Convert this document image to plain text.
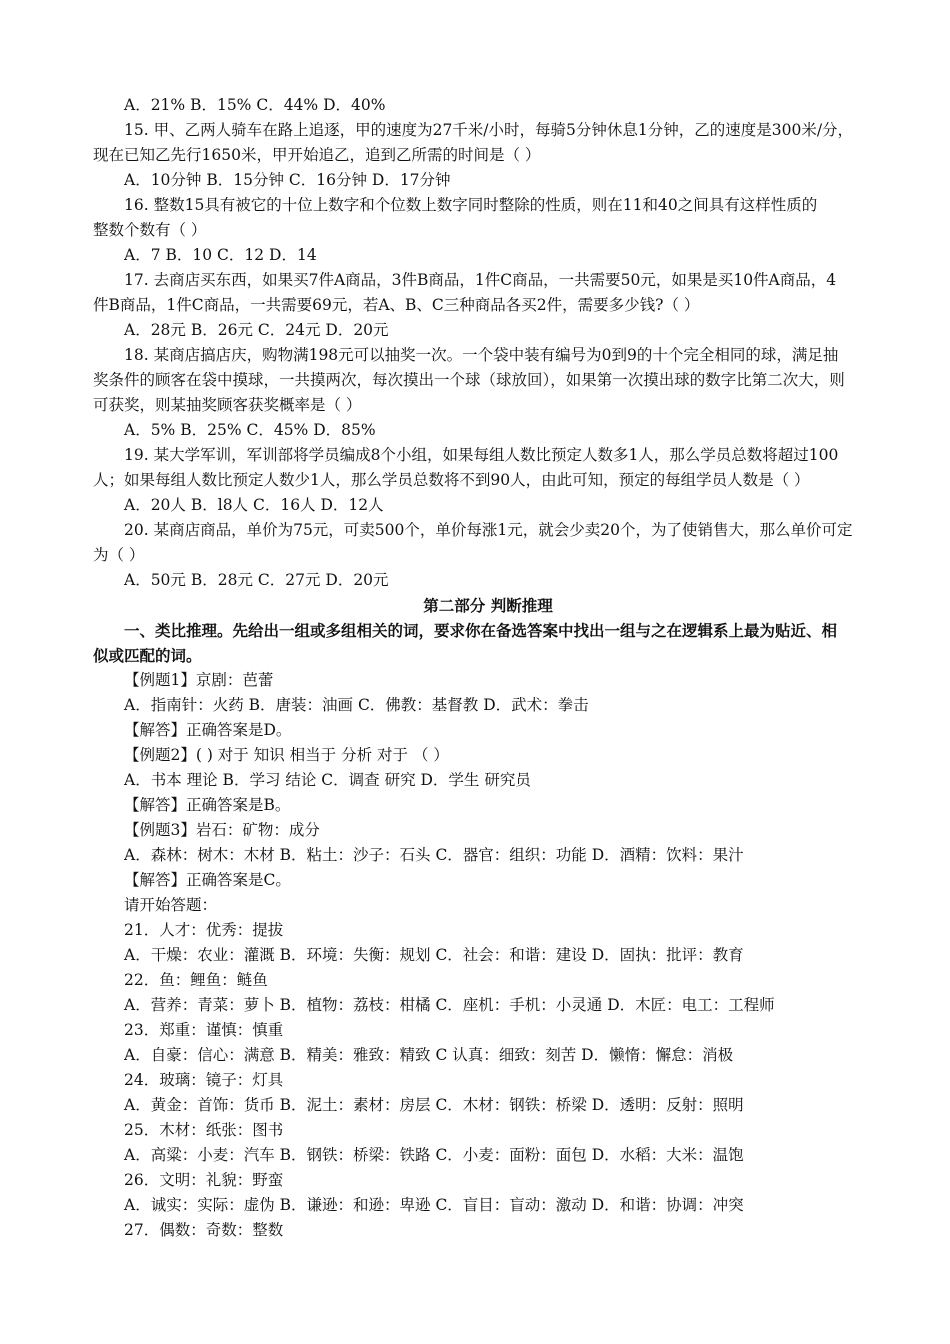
A．21% B．15% C．44% D．40%
15. 甲、乙两人骑车在路上追逐，甲的速度为27千米/小时，每骑5分钟休息1分钟，乙的速度是300米/分，
现在已知乙先行1650米，甲开始追乙，追到乙所需的时间是（ ）
A．10分钟 B．15分钟 C．16分钟 D．17分钟
16. 整数15具有被它的十位上数字和个位数上数字同时整除的性质，则在11和40之间具有这样性质的
整数个数有（ ）
A．7 B．10 C．12 D．14
17. 去商店买东西，如果买7件A商品，3件B商品，1件C商品，一共需要50元，如果是买10件A商品，4
件B商品，1件C商品，一共需要69元，若A、B、C三种商品各买2件，需要多少钱?（ ）
A．28元 B．26元 C．24元 D．20元
18. 某商店搞店庆，购物满198元可以抽奖一次。一个袋中装有编号为0到9的十个完全相同的球，满足抽
奖条件的顾客在袋中摸球，一共摸两次，每次摸出一个球（球放回），如果第一次摸出球的数字比第二次大，则
可获奖，则某抽奖顾客获奖概率是（ ）
A．5% B．25% C．45% D．85%
19. 某大学军训，军训部将学员编成8个小组，如果每组人数比预定人数多1人，那么学员总数将超过100
人；如果每组人数比预定人数少1人，那么学员总数将不到90人，由此可知，预定的每组学员人数是（ ）
A．20人 B．l8人 C．16人 D．12人
20. 某商店商品，单价为75元，可卖500个，单价每涨1元，就会少卖20个，为了使销售大，那么单价可定
为（ ）
A．50元 B．28元 C．27元 D．20元
第二部分 判断推理
一、类比推理。先给出一组或多组相关的词，要求你在备选答案中找出一组与之在逻辑系上最为贴近、相
似或匹配的词。
【例题1】京剧：芭蕾
A．指南针：火药 B．唐装：油画 C．佛教：基督教 D．武术：拳击
【解答】正确答案是D。
【例题2】( ) 对于 知识 相当于 分析 对于 （ ）
A．书本 理论 B．学习 结论 C．调查 研究 D．学生 研究员
【解答】正确答案是B。
【例题3】岩石：矿物：成分
A．森林：树木：木材 B．粘土：沙子：石头 C．器官：组织：功能 D．酒精：饮料：果汁
【解答】正确答案是C。
请开始答题：
21．人才：优秀：提拔
A．干燥：农业：灌溉 B．环境：失衡：规划 C．社会：和谐：建设 D．固执：批评：教育
22．鱼：鲤鱼：鲢鱼
A．营养：青菜：萝卜 B．植物：荔枝：柑橘 C．座机：手机：小灵通 D．木匠：电工：工程师
23．郑重：谨慎：慎重
A．自豪：信心：满意 B．精美：雅致：精致 C 认真：细致：刻苦 D．懒惰：懈怠：消极
24．玻璃：镜子：灯具
A．黄金：首饰：货币 B．泥土：素材：房层 C．木材：钢铁：桥梁 D．透明：反射：照明
25．木材：纸张：图书
A．高粱：小麦：汽车 B．钢铁：桥梁：铁路 C．小麦：面粉：面包 D．水稻：大米：温饱
26．文明：礼貌：野蛮
A．诚实：实际：虚伪 B．谦逊：和逊：卑逊 C．盲目：盲动：激动 D．和谐：协调：冲突
27．偶数：奇数：整数
